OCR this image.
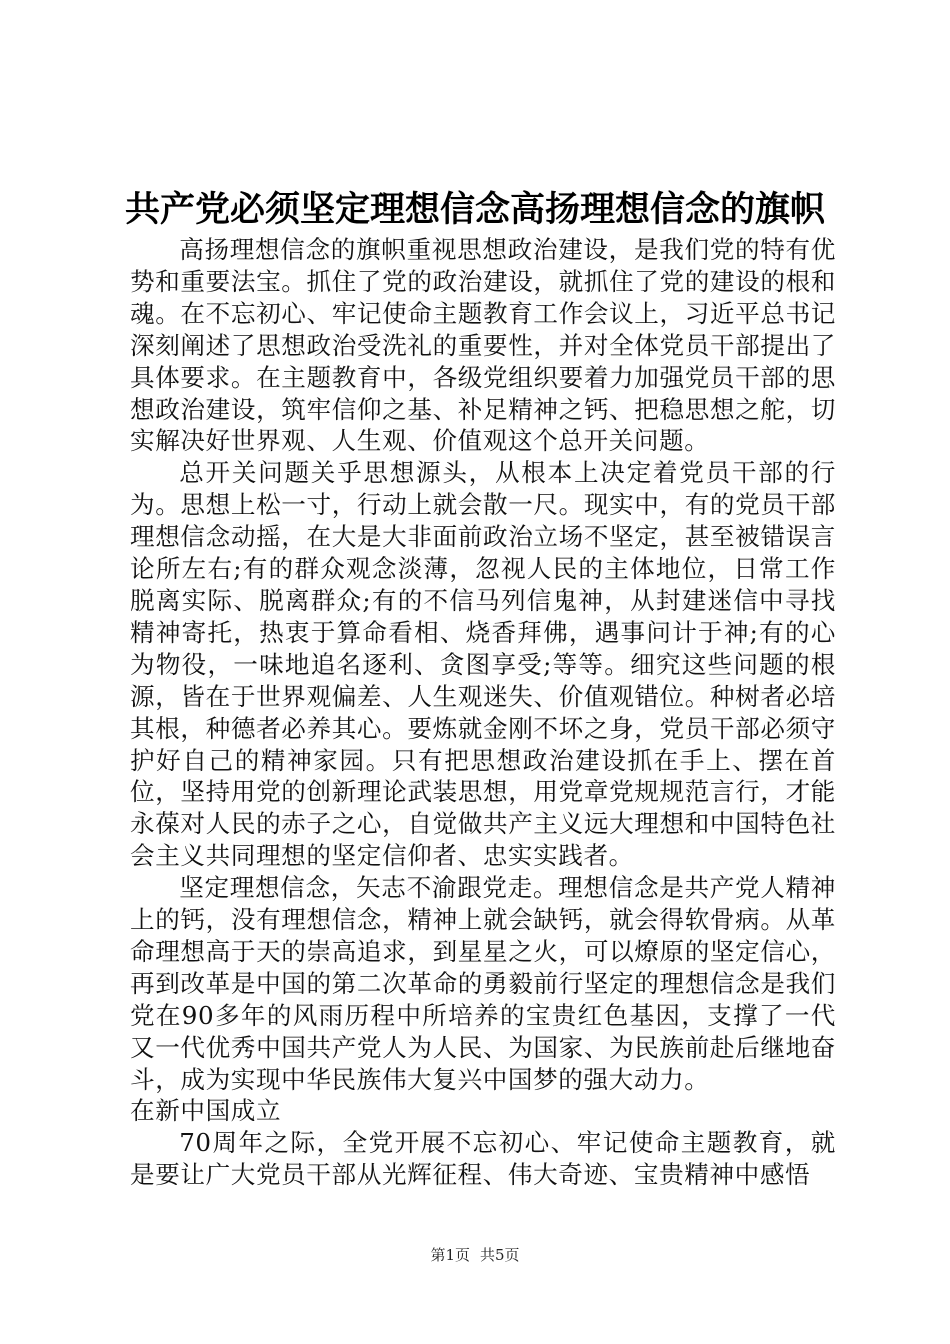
共产党必须坚定理想信念高扬理想信念的旗帜

高扬理想信念的旗帜重视思想政治建设，是我们党的特有优势和重要法宝。抓住了党的政治建设，就抓住了党的建设的根和魂。在不忘初心、牢记使命主题教育工作会议上，习近平总书记深刻阐述了思想政治受洗礼的重要性，并对全体党员干部提出了具体要求。在主题教育中，各级党组织要着力加强党员干部的思想政治建设，筑牢信仰之基、补足精神之钙、把稳思想之舵，切实解决好世界观、人生观、价值观这个总开关问题。

总开关问题关乎思想源头，从根本上决定着党员干部的行为。思想上松一寸，行动上就会散一尺。现实中，有的党员干部理想信念动摇，在大是大非面前政治立场不坚定，甚至被错误言论所左右;有的群众观念淡薄，忽视人民的主体地位，日常工作脱离实际、脱离群众;有的不信马列信鬼神，从封建迷信中寻找精神寄托，热衷于算命看相、烧香拜佛，遇事问计于神;有的心为物役，一味地追名逐利、贪图享受;等等。细究这些问题的根源，皆在于世界观偏差、人生观迷失、价值观错位。种树者必培其根，种德者必养其心。要炼就金刚不坏之身，党员干部必须守护好自己的精神家园。只有把思想政治建设抓在手上、摆在首位，坚持用党的创新理论武装思想，用党章党规规范言行，才能永葆对人民的赤子之心，自觉做共产主义远大理想和中国特色社会主义共同理想的坚定信仰者、忠实实践者。

坚定理想信念，矢志不渝跟党走。理想信念是共产党人精神上的钙，没有理想信念，精神上就会缺钙，就会得软骨病。从革命理想高于天的崇高追求，到星星之火，可以燎原的坚定信心，再到改革是中国的第二次革命的勇毅前行坚定的理想信念是我们党在90多年的风雨历程中所培养的宝贵红色基因，支撑了一代又一代优秀中国共产党人为人民、为国家、为民族前赴后继地奋斗，成为实现中华民族伟大复兴中国梦的强大动力。

在新中国成立

70周年之际，全党开展不忘初心、牢记使命主题教育，就是要让广大党员干部从光辉征程、伟大奇迹、宝贵精神中感悟

第1页 共5页
